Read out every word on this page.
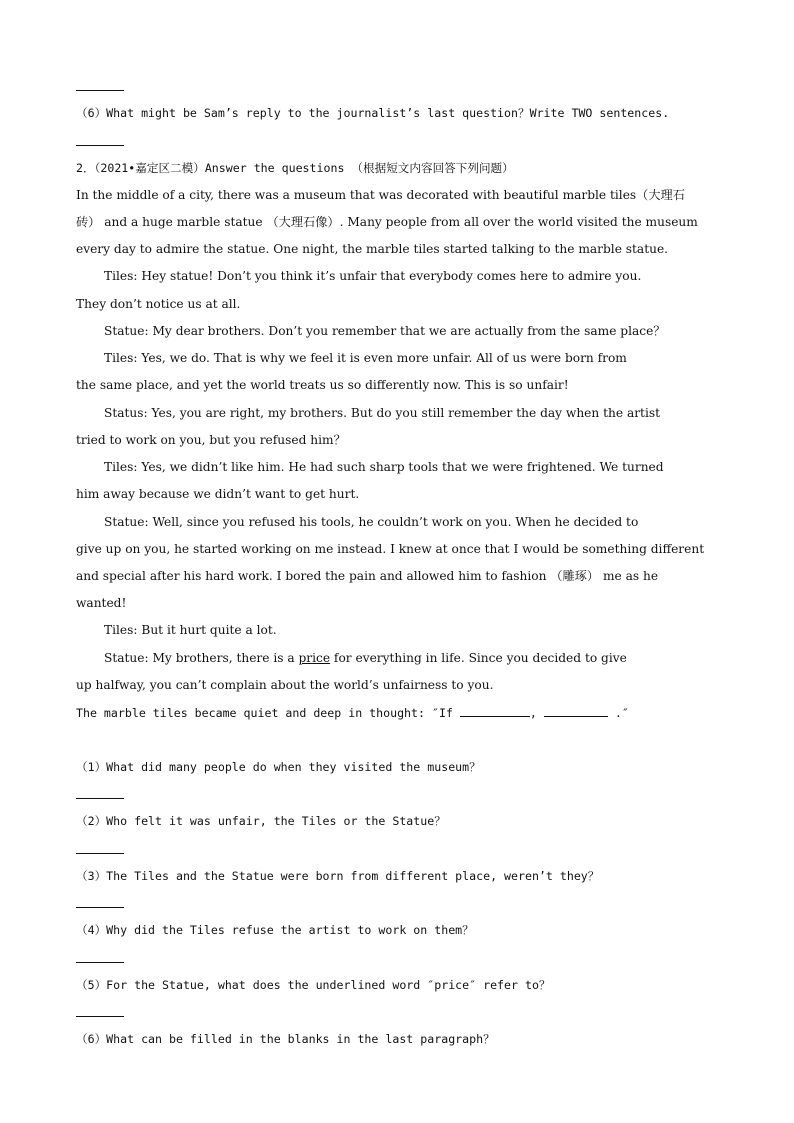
（6）What might be Sam’s reply to the journalist’s last question？Write TWO sentences.
2．（2021•嘉定区二模）Answer the questions （根据短文内容回答下列问题）
In the middle of a city, there was a museum that was decorated with beautiful marble tiles（大理石
砖） and a huge marble statue （大理石像）. Many people from all over the world visited the museum
every day to admire the statue. One night, the marble tiles started talking to the marble statue.
Tiles: Hey statue! Don’t you think it’s unfair that everybody comes here to admire you.
They don’t notice us at all.
Statue: My dear brothers. Don’t you remember that we are actually from the same place？
Tiles: Yes, we do. That is why we feel it is even more unfair. All of us were born from
the same place, and yet the world treats us so differently now. This is so unfair!
Status: Yes, you are right, my brothers. But do you still remember the day when the artist
tried to work on you, but you refused him？
Tiles: Yes, we didn’t like him. He had such sharp tools that we were frightened. We turned
him away because we didn’t want to get hurt.
Statue: Well, since you refused his tools, he couldn’t work on you. When he decided to
give up on you, he started working on me instead. I knew at once that I would be something different
and special after his hard work. I bored the pain and allowed him to fashion （雕琢） me as he
wanted!
Tiles: But it hurt quite a lot.
Statue: My brothers, there is a price for everything in life. Since you decided to give
up halfway, you can’t complain about the world’s unfairness to you.
The marble tiles became quiet and deep in thought: ″If	,	.″
（1）What did many people do when they visited the museum？
（2）Who felt it was unfair, the Tiles or the Statue？
（3）The Tiles and the Statue were born from different place, weren’t they？
（4）Why did the Tiles refuse the artist to work on them？
（5）For the Statue, what does the underlined word ″price″ refer to？
（6）What can be filled in the blanks in the last paragraph？
